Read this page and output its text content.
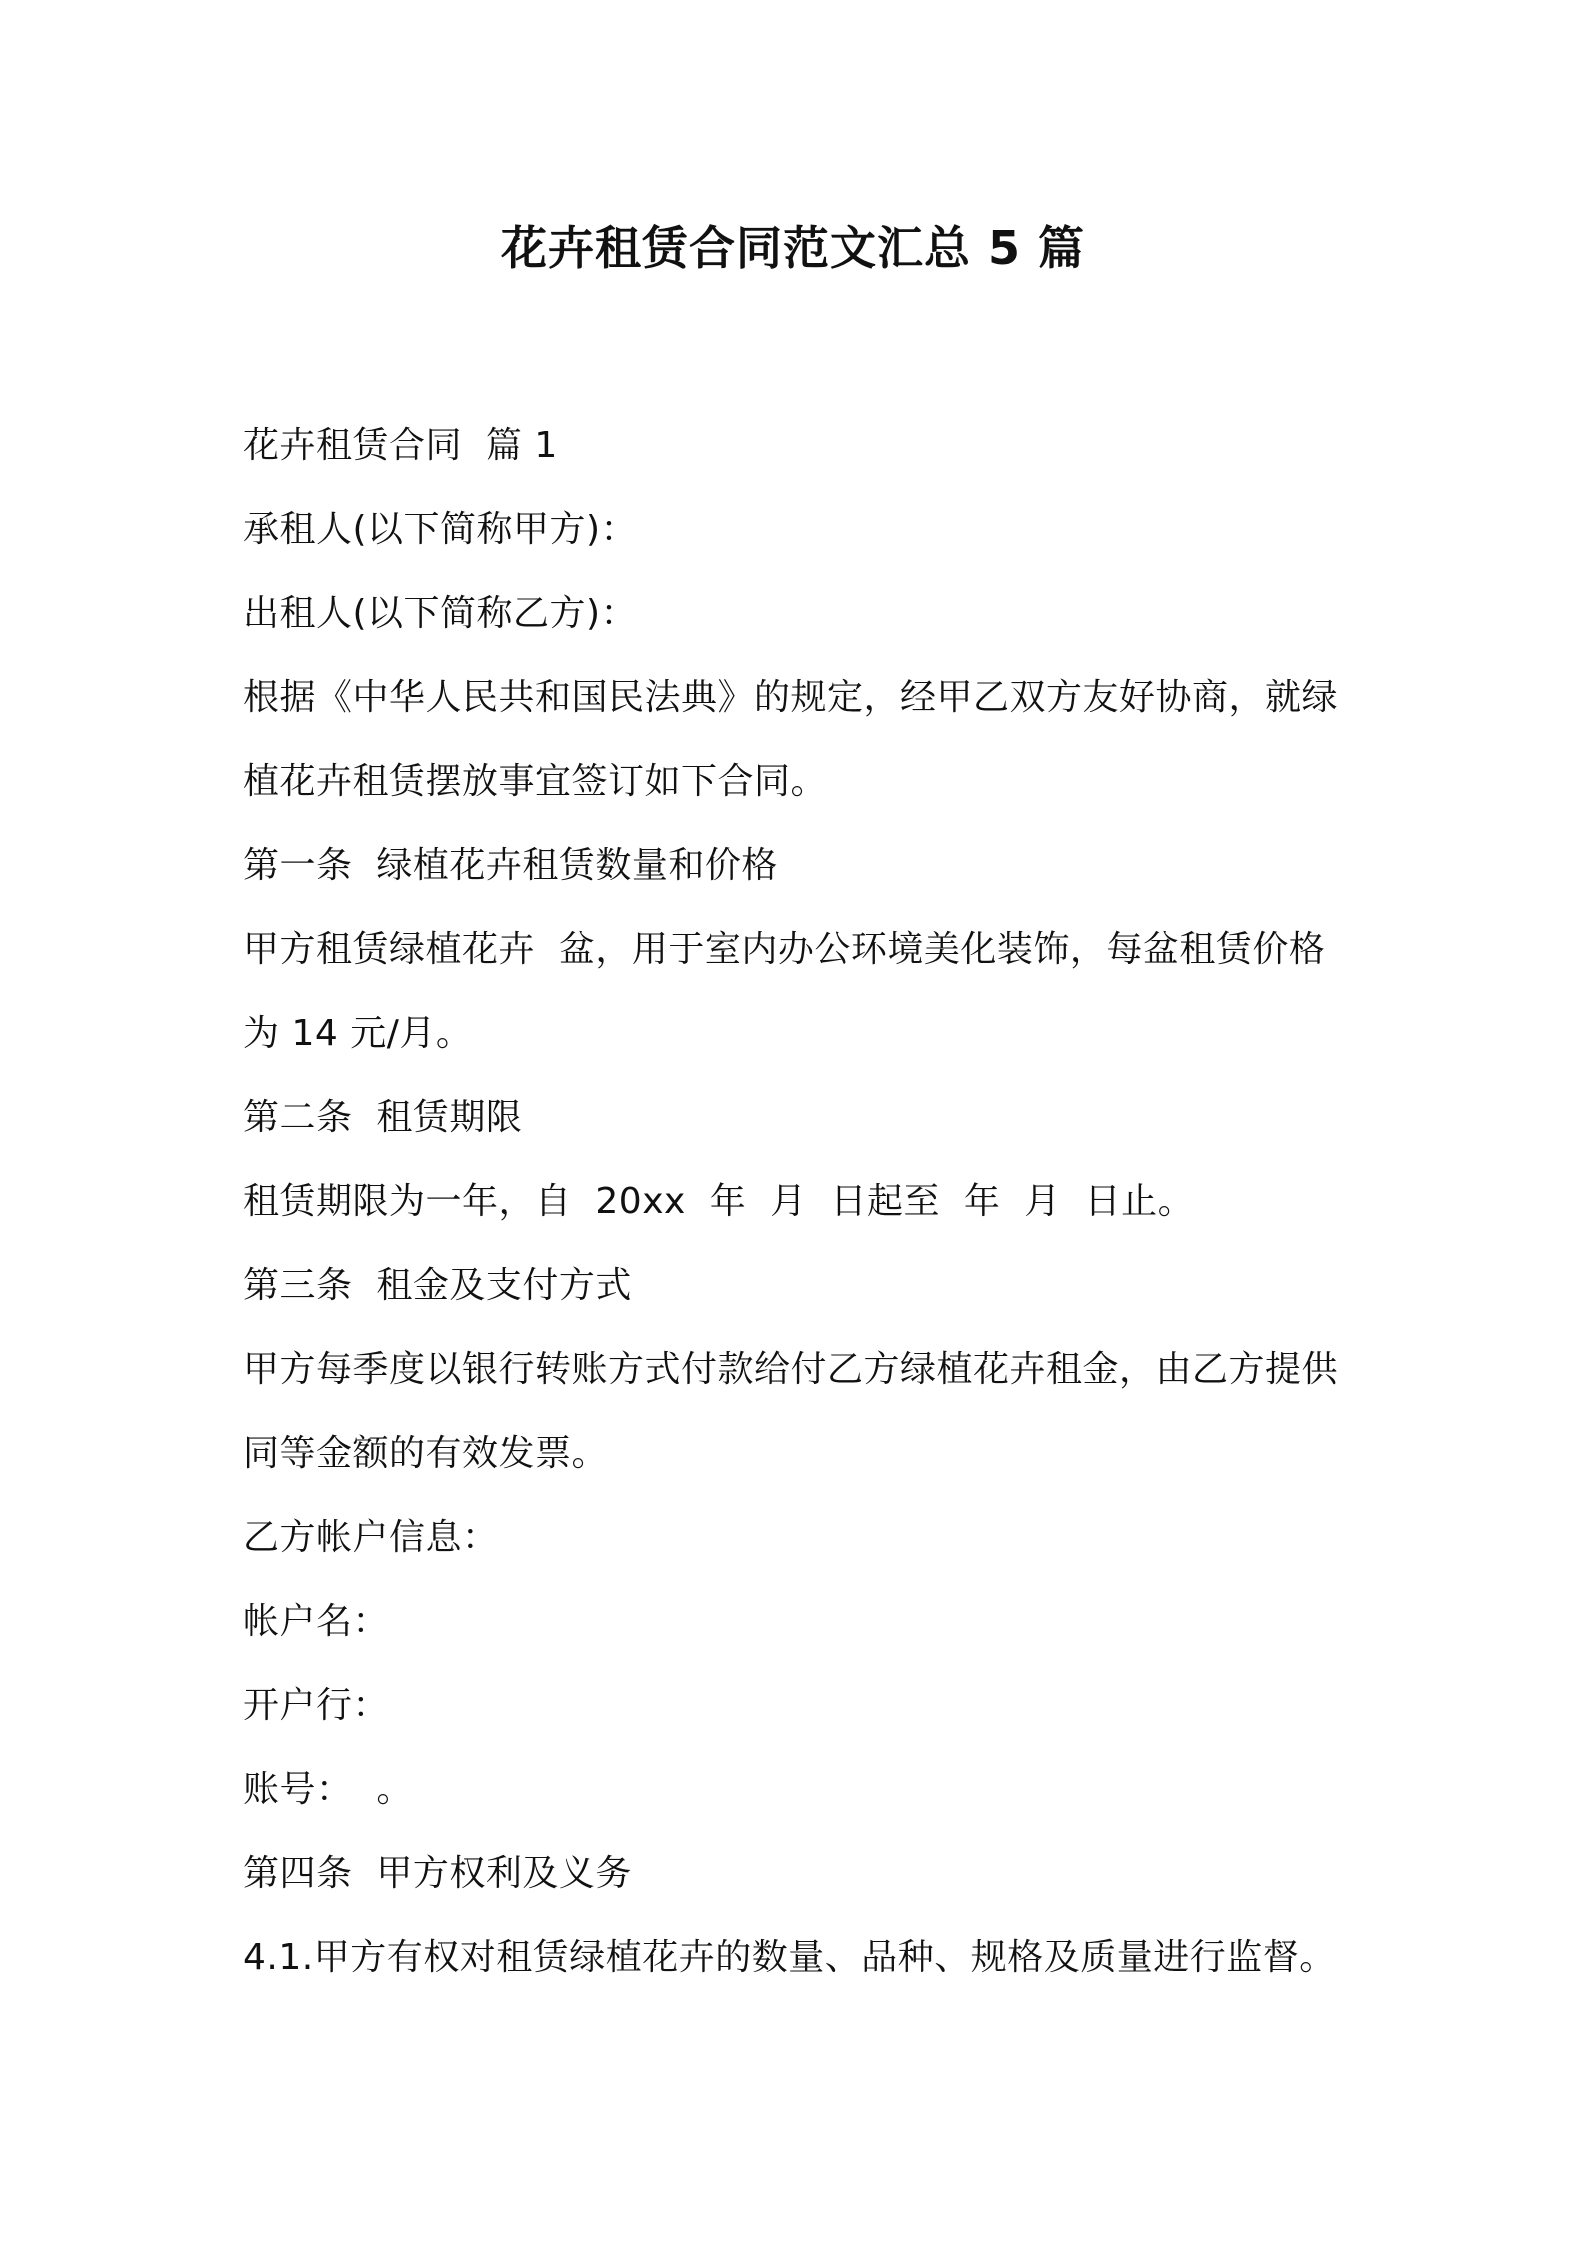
花卉租赁合同范文汇总 5 篇

花卉租赁合同  篇 1

承租人(以下简称甲方)：

出租人(以下简称乙方)：

根据《中华人民共和国民法典》的规定，经甲乙双方友好协商，就绿

植花卉租赁摆放事宜签订如下合同。

第一条  绿植花卉租赁数量和价格

甲方租赁绿植花卉  盆，用于室内办公环境美化装饰，每盆租赁价格

为 14 元/月。

第二条  租赁期限

租赁期限为一年，自  20xx  年  月  日起至  年  月  日止。

第三条  租金及支付方式

甲方每季度以银行转账方式付款给付乙方绿植花卉租金，由乙方提供

同等金额的有效发票。

乙方帐户信息：

帐户名：

开户行：

账号：  。

第四条  甲方权利及义务

4.1.甲方有权对租赁绿植花卉的数量、品种、规格及质量进行监督。
